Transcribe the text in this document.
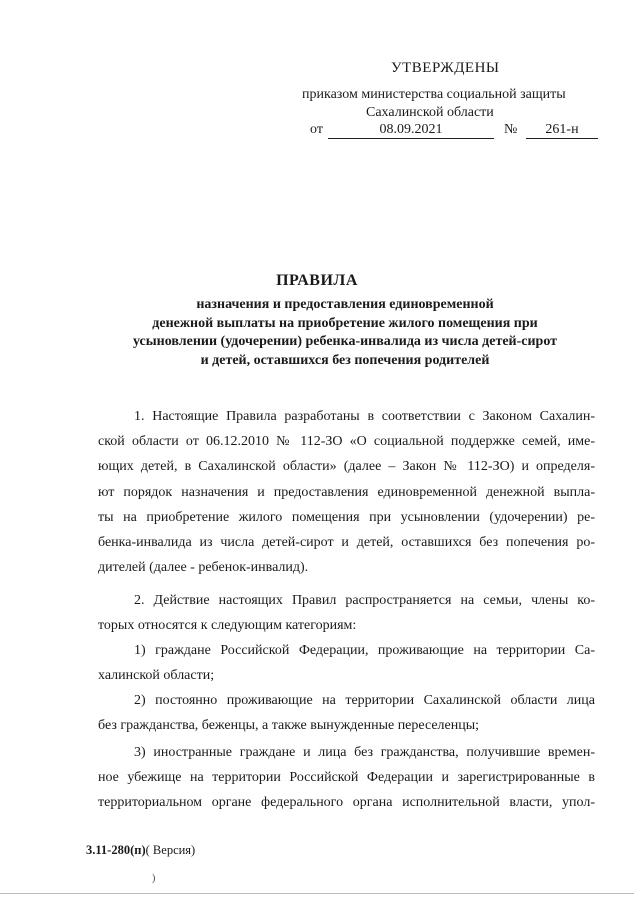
УТВЕРЖДЕНЫ
приказом министерства социальной защиты
Сахалинской области
от	08.09.2021	№	261-н
ПРАВИЛА
назначения и предоставления единовременной
денежной выплаты на приобретение жилого помещения при
усыновлении (удочерении) ребенка-инвалида из числа детей-сирот
и детей, оставшихся без попечения родителей
1. Настоящие Правила разработаны в соответствии с Законом Сахалин-
ской области от 06.12.2010 № 112-ЗО «О социальной поддержке семей, име-
ющих детей, в Сахалинской области» (далее – Закон № 112-ЗО) и определя-
ют порядок назначения и предоставления единовременной денежной выпла-
ты на приобретение жилого помещения при усыновлении (удочерении) ре-
бенка-инвалида из числа детей-сирот и детей, оставшихся без попечения ро-
дителей (далее - ребенок-инвалид).
2. Действие настоящих Правил распространяется на семьи, члены ко-
торых относятся к следующим категориям:
1) граждане Российской Федерации, проживающие на территории Са-
халинской области;
2) постоянно проживающие на территории Сахалинской области лица
без гражданства, беженцы, а также вынужденные переселенцы;
3) иностранные граждане и лица без гражданства, получившие времен-
ное убежище на территории Российской Федерации и зарегистрированные в
территориальном органе федерального органа исполнительной власти, упол-
3.11-280(п)( Версия)
)
